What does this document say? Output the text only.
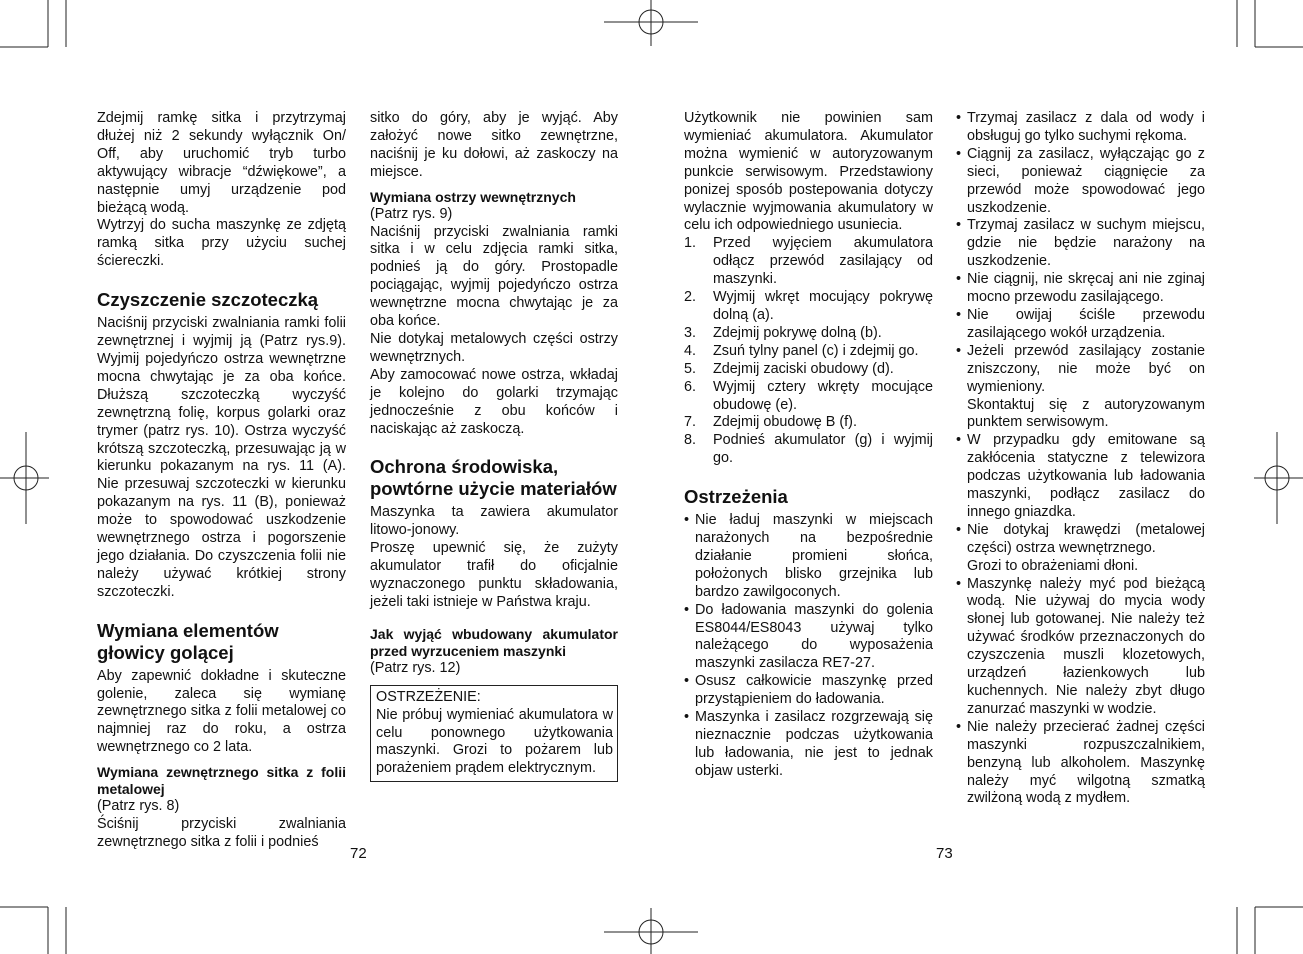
Zdejmij ramkę sitka i przytrzymaj dłużej niż 2 sekundy wyłącznik On/ Off, aby uruchomić tryb turbo aktywujący wibracje “dźwiękowe”, a następnie umyj urządzenie pod bieżącą wodą.

Wytrzyj do sucha maszynkę ze zdjętą ramką sitka przy użyciu suchej ściereczki.

Czyszczenie szczoteczką

Naciśnij przyciski zwalniania ramki folii zewnętrznej i wyjmij ją (Patrz rys.9). Wyjmij pojedyńczo ostrza wewnętrzne mocna chwytając je za oba końce. Dłuższą szczoteczką wyczyść zewnętrzną folię, korpus golarki oraz trymer (patrz rys. 10). Ostrza wyczyść krótszą szczoteczką, przesuwając ją w kierunku pokazanym na rys. 11 (A). Nie przesuwaj szczoteczki w kierunku pokazanym na rys. 11 (B), ponieważ może to spowodować uszkodzenie wewnętrznego ostrza i pogorszenie jego działania. Do czyszczenia folii nie należy używać krótkiej strony szczoteczki.

Wymiana elementów głowicy golącej

Aby zapewnić dokładne i skuteczne golenie, zaleca się wymianę zewnętrznego sitka z folii metalowej co najmniej raz do roku, a ostrza wewnętrznego co 2 lata.

Wymiana zewnętrznego sitka z folii metalowej

(Patrz rys. 8)

Ściśnij przyciski zwalniania zewnętrznego sitka z folii i podnieś

sitko do góry, aby je wyjąć. Aby założyć nowe sitko zewnętrzne, naciśnij je ku dołowi, aż zaskoczy na miejsce.

Wymiana ostrzy wewnętrznych

(Patrz rys. 9)

Naciśnij przyciski zwalniania ramki sitka i w celu zdjęcia ramki sitka, podnieś ją do góry. Prostopadle pociągając, wyjmij pojedyńczo ostrza wewnętrzne mocna chwytając je za oba końce.

Nie dotykaj metalowych części ostrzy wewnętrznych.

Aby zamocować nowe ostrza, wkładaj je kolejno do golarki trzymając jednocześnie z obu końców i naciskając aż zaskoczą.

Ochrona środowiska, powtórne użycie materiałów

Maszynka ta zawiera akumulator litowo-jonowy.

Proszę upewnić się, że zużyty akumulator trafił do oficjalnie wyznaczonego punktu składowania, jeżeli taki istnieje w Państwa kraju.

Jak wyjąć wbudowany akumulator przed wyrzuceniem maszynki

(Patrz rys. 12)

OSTRZEŻENIE:

Nie próbuj wymieniać akumulatora w celu ponownego użytkowania maszynki. Grozi to pożarem lub porażeniem prądem elektrycznym.

72

Użytkownik nie powinien sam wymieniać akumulatora. Akumulator można wymienić w autoryzowanym punkcie serwisowym. Przedstawiony ponizej sposób postepowania dotyczy wylacznie wyjmowania akumulatory w celu ich odpowiedniego usuniecia.

1. Przed wyjęciem akumulatora odłącz przewód zasilający od maszynki.
2. Wyjmij wkręt mocujący pokrywę dolną (a).
3. Zdejmij pokrywę dolną (b).
4. Zsuń tylny panel (c) i zdejmij go.
5. Zdejmij zaciski obudowy (d).
6. Wyjmij cztery wkręty mocujące obudowę (e).
7. Zdejmij obudowę B (f).
8. Podnieś akumulator (g) i wyjmij go.
Ostrzeżenia
• Nie ładuj maszynki w miejscach narażonych na bezpośrednie działanie promieni słońca, położonych blisko grzejnika lub bardzo zawilgoconych.
• Do ładowania maszynki do golenia ES8044/ES8043 używaj tylko należącego do wyposażenia maszynki zasilacza RE7-27.
• Osusz całkowicie maszynkę przed przystąpieniem do ładowania.
• Maszynka i zasilacz rozgrzewają się nieznacznie podczas użytkowania lub ładowania, nie jest to jednak objaw usterki.
• Trzymaj zasilacz z dala od wody i obsługuj go tylko suchymi rękoma.
• Ciągnij za zasilacz, wyłączając go z sieci, ponieważ ciągnięcie za przewód może spowodować jego uszkodzenie.
• Trzymaj zasilacz w suchym miejscu, gdzie nie będzie narażony na uszkodzenie.
• Nie ciągnij, nie skręcaj ani nie zginaj mocno przewodu zasilającego.
• Nie owijaj ściśle przewodu zasilającego wokół urządzenia.
• Jeżeli przewód zasilający zostanie zniszczony, nie może być on wymieniony.
Skontaktuj się z autoryzowanym punktem serwisowym.
• W przypadku gdy emitowane są zakłócenia statyczne z telewizora podczas użytkowania lub ładowania maszynki, podłącz zasilacz do innego gniazdka.
• Nie dotykaj krawędzi (metalowej części) ostrza wewnętrznego.
Grozi to obrażeniami dłoni.
• Maszynkę należy myć pod bieżącą wodą. Nie używaj do mycia wody słonej lub gotowanej. Nie należy też używać środków przeznaczonych do czyszczenia muszli klozetowych, urządzeń łazienkowych lub kuchennych. Nie należy zbyt długo zanurzać maszynki w wodzie.
• Nie należy przecierać żadnej części maszynki rozpuszczalnikiem, benzyną lub alkoholem. Maszynkę należy myć wilgotną szmatką zwilżoną wodą z mydłem.
73
